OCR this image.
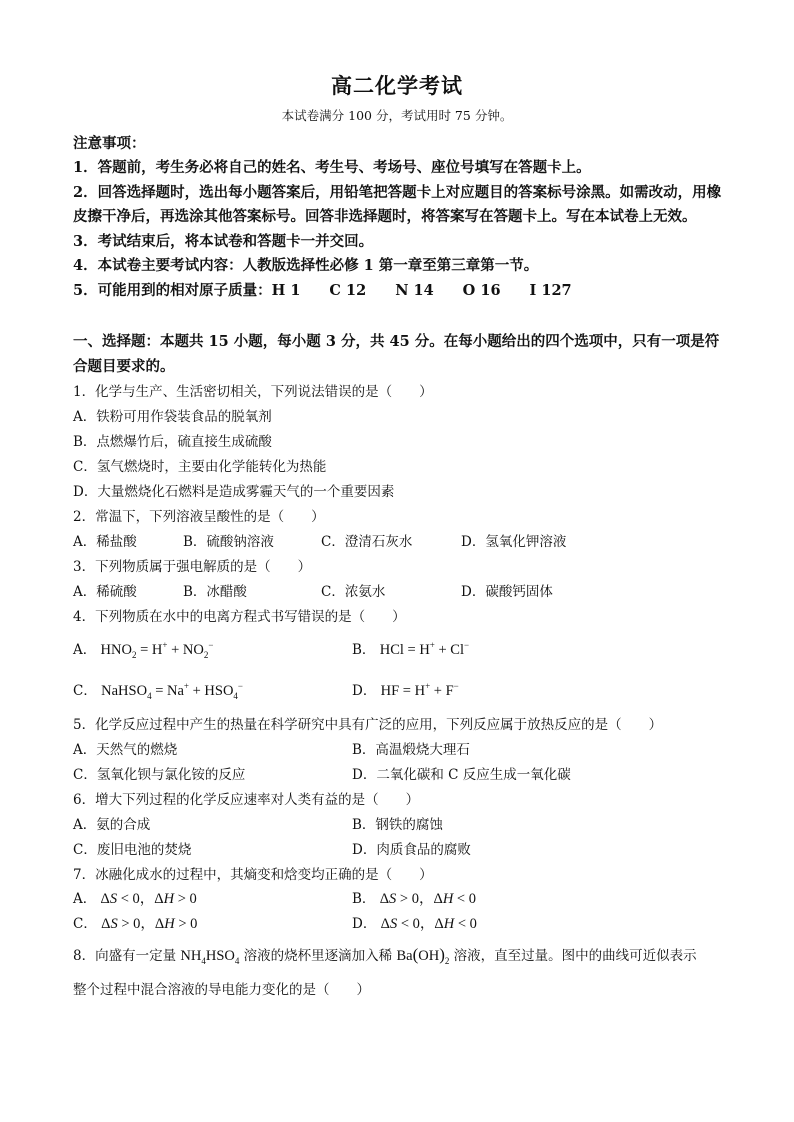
高二化学考试
本试卷满分 100 分，考试用时 75 分钟。
注意事项：

1．答题前，考生务必将自己的姓名、考生号、考场号、座位号填写在答题卡上。

2．回答选择题时，选出每小题答案后，用铅笔把答题卡上对应题目的答案标号涂黑。如需改动，用橡皮擦干净后，再选涂其他答案标号。回答非选择题时，将答案写在答题卡上。写在本试卷上无效。

3．考试结束后，将本试卷和答题卡一并交回。

4．本试卷主要考试内容：人教版选择性必修 1 第一章至第三章第一节。

5．可能用到的相对原子质量：H 1　　C 12　　N 14　　O 16　　I 127

一、选择题：本题共 15 小题，每小题 3 分，共 45 分。在每小题给出的四个选项中，只有一项是符合题目要求的。
1．化学与生产、生活密切相关，下列说法错误的是（　　）
A．铁粉可用作袋装食品的脱氧剂
B．点燃爆竹后，硫直接生成硫酸
C．氢气燃烧时，主要由化学能转化为热能
D．大量燃烧化石燃料是造成雾霾天气的一个重要因素
2．常温下，下列溶液呈酸性的是（　　）
A．稀盐酸	B．硫酸钠溶液	C．澄清石灰水	D．氢氧化钾溶液
3．下列物质属于强电解质的是（　　）
A．稀硫酸	B．冰醋酸	C．浓氨水	D．碳酸钙固体
4．下列物质在水中的电离方程式书写错误的是（　　）
A． $HNO_2 = H^+ + NO_2^-$	B． HCl = H+ + Cl−
C． NaHSO$_4$ = $Na^+ + HSO_4^-$	D． HF = H+ + F−
5．化学反应过程中产生的热量在科学研究中具有广泛的应用，下列反应属于放热反应的是（　　）
A．天然气的燃烧	B．高温煅烧大理石
C．氢氧化钡与氯化铵的反应	D．二氧化碳和 C 反应生成一氧化碳
6．增大下列过程的化学反应速率对人类有益的是（　　）
A．氨的合成	B．钢铁的腐蚀
C．废旧电池的焚烧	D．肉质食品的腐败
7．冰融化成水的过程中，其熵变和焓变均正确的是（　　）
A． ΔS < 0，ΔH > 0	B． ΔS > 0，ΔH < 0
C． ΔS > 0，ΔH > 0	D． ΔS < 0，ΔH < 0
8．向盛有一定量 $NH_4HSO_4$ 溶液的烧杯里逐滴加入稀 $Ba(OH)_2$ 溶液，直至过量。图中的曲线可近似表示
整个过程中混合溶液的导电能力变化的是（　　）
